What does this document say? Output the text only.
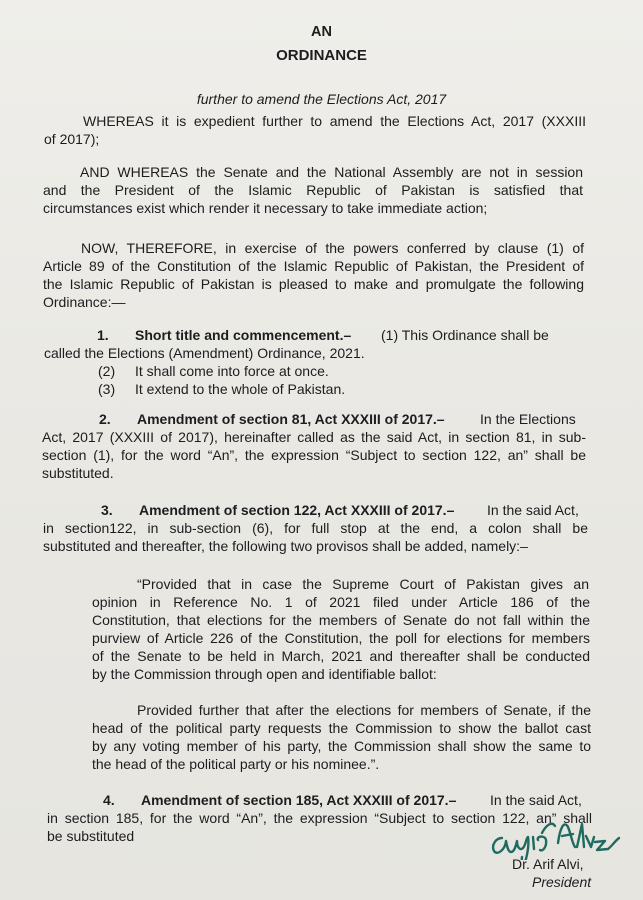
AN
ORDINANCE
further to amend the Elections Act, 2017
WHEREAS it is expedient further to amend the Elections Act, 2017 (XXXIII
of 2017);
AND WHEREAS the Senate and the National Assembly are not in session
and the President of the Islamic Republic of Pakistan is satisfied that
circumstances exist which render it necessary to take immediate action;
NOW, THEREFORE, in exercise of the powers conferred by clause (1) of
Article 89 of the Constitution of the Islamic Republic of Pakistan, the President of
the Islamic Republic of Pakistan is pleased to make and promulgate the following
Ordinance:—
1. Short title and commencement.– (1) This Ordinance shall be
called the Elections (Amendment) Ordinance, 2021.
(2) It shall come into force at once.
(3) It extend to the whole of Pakistan.
2. Amendment of section 81, Act XXXIII of 2017.–	In the Elections
Act, 2017 (XXXIII of 2017), hereinafter called as the said Act, in section 81, in sub-
section (1), for the word “An”, the expression “Subject to section 122, an” shall be
substituted.
3. Amendment of section 122, Act XXXIII of 2017.– In the said Act,
in section122, in sub-section (6), for full stop at the end, a colon shall be
substituted and thereafter, the following two provisos shall be added, namely:–
“Provided that in case the Supreme Court of Pakistan gives an
opinion in Reference No. 1 of 2021 filed under Article 186 of the
Constitution, that elections for the members of Senate do not fall within the
purview of Article 226 of the Constitution, the poll for elections for members
of the Senate to be held in March, 2021 and thereafter shall be conducted
by the Commission through open and identifiable ballot:
Provided further that after the elections for members of Senate, if the
head of the political party requests the Commission to show the ballot cast
by any voting member of his party, the Commission shall show the same to
the head of the political party or his nominee.”.
4. Amendment of section 185, Act XXXIII of 2017.– In the said Act,
in section 185, for the word “An”, the expression “Subject to section 122, an” shall
be substituted
Dr. Arif Alvi,
President
